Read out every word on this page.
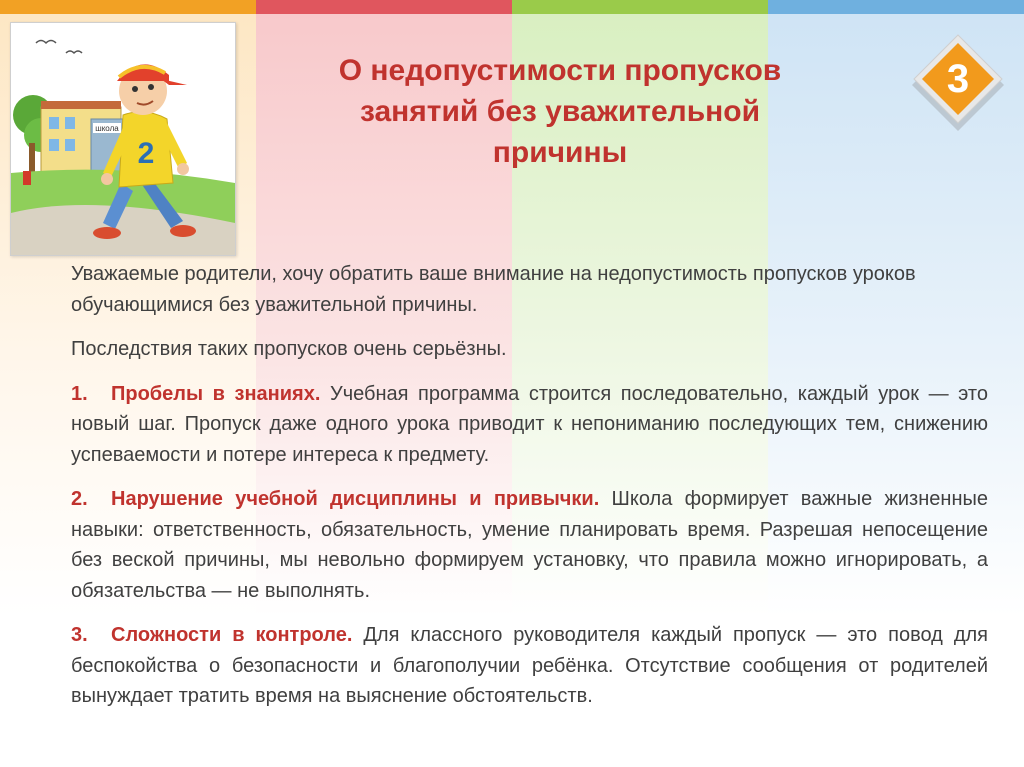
школа
2
О недопустимости пропусков
занятий без уважительной
причины
3

Уважаемые родители, хочу обратить ваше внимание на недопустимость пропусков уроков обучающимися без уважительной причины.

Последствия таких пропусков очень серьёзны.

1. Пробелы в знаниях. Учебная программа строится последовательно, каждый урок — это новый шаг. Пропуск даже одного урока приводит к непониманию последующих тем, снижению успеваемости и потере интереса к предмету.

2. Нарушение учебной дисциплины и привычки. Школа формирует важные жизненные навыки: ответственность, обязательность, умение планировать время. Разрешая непосещение без веской причины, мы невольно формируем установку, что правила можно игнорировать, а обязательства — не выполнять.

3. Сложности в контроле. Для классного руководителя каждый пропуск — это повод для беспокойства о безопасности и благополучии ребёнка. Отсутствие сообщения от родителей вынуждает тратить время на выяснение обстоятельств.
